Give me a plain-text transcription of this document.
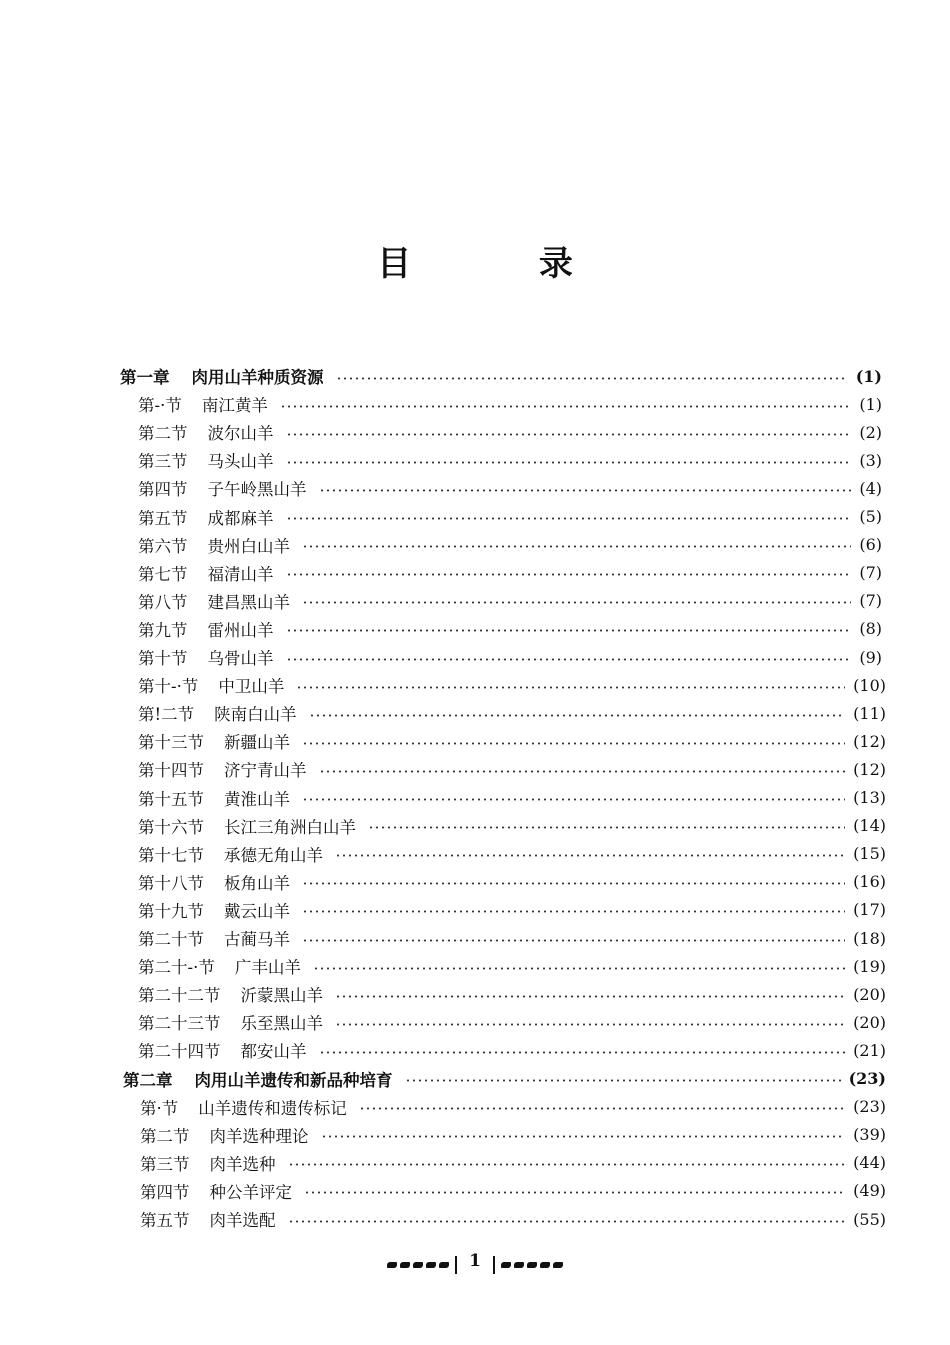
目 录
第一章 肉用山羊种质资源	(1)
第-·节 南江黄羊	(1)
第二节 波尔山羊	(2)
第三节 马头山羊	(3)
第四节 子午岭黑山羊	(4)
第五节 成都麻羊	(5)
第六节 贵州白山羊	(6)
第七节 福清山羊	(7)
第八节 建昌黑山羊	(7)
第九节 雷州山羊	(8)
第十节 乌骨山羊	(9)
第十-·节 中卫山羊	(10)
第!二节 陕南白山羊	(11)
第十三节 新疆山羊	(12)
第十四节 济宁青山羊	(12)
第十五节 黄淮山羊	(13)
第十六节 长江三角洲白山羊	(14)
第十七节 承德无角山羊	(15)
第十八节 板角山羊	(16)
第十九节 戴云山羊	(17)
第二十节 古蔺马羊	(18)
第二十-·节 广丰山羊	(19)
第二十二节 沂蒙黑山羊	(20)
第二十三节 乐至黑山羊	(20)
第二十四节 都安山羊	(21)
第二章 肉用山羊遗传和新品种培育	(23)
第·节 山羊遗传和遗传标记	(23)
第二节 肉羊选种理论	(39)
第三节 肉羊选种	(44)
第四节 种公羊评定	(49)
第五节 肉羊选配	(55)
1
